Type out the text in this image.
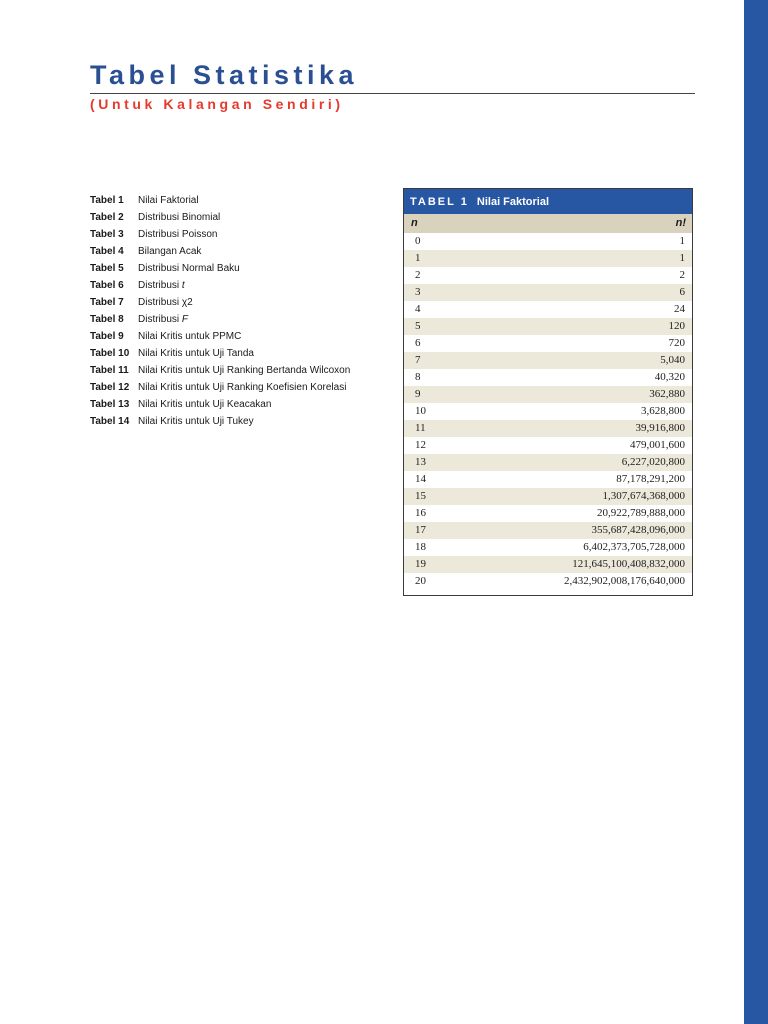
Tabel Statistika

(Untuk Kalangan Sendiri)

Tabel 1	Nilai Faktorial
Tabel 2	Distribusi Binomial
Tabel 3	Distribusi Poisson
Tabel 4	Bilangan Acak
Tabel 5	Distribusi Normal Baku
Tabel 6	Distribusi t
Tabel 7	Distribusi χ2
Tabel 8	Distribusi F
Tabel 9	Nilai Kritis untuk PPMC
Tabel 10 Nilai Kritis untuk Uji Tanda
Tabel 11 Nilai Kritis untuk Uji Ranking Bertanda Wilcoxon
Tabel 12 Nilai Kritis untuk Uji Ranking Koefisien Korelasi
Tabel 13 Nilai Kritis untuk Uji Keacakan
Tabel 14 Nilai Kritis untuk Uji Tukey
TABEL 1 Nilai Faktorial
n	n!
0	1
1	1
2	2
3	6
4	24
5	120
6	720
7	5,040
8	40,320
9	362,880
10	3,628,800
11	39,916,800
12	479,001,600
13	6,227,020,800
14	87,178,291,200
15	1,307,674,368,000
16	20,922,789,888,000
17	355,687,428,096,000
18	6,402,373,705,728,000
19	121,645,100,408,832,000
20	2,432,902,008,176,640,000
